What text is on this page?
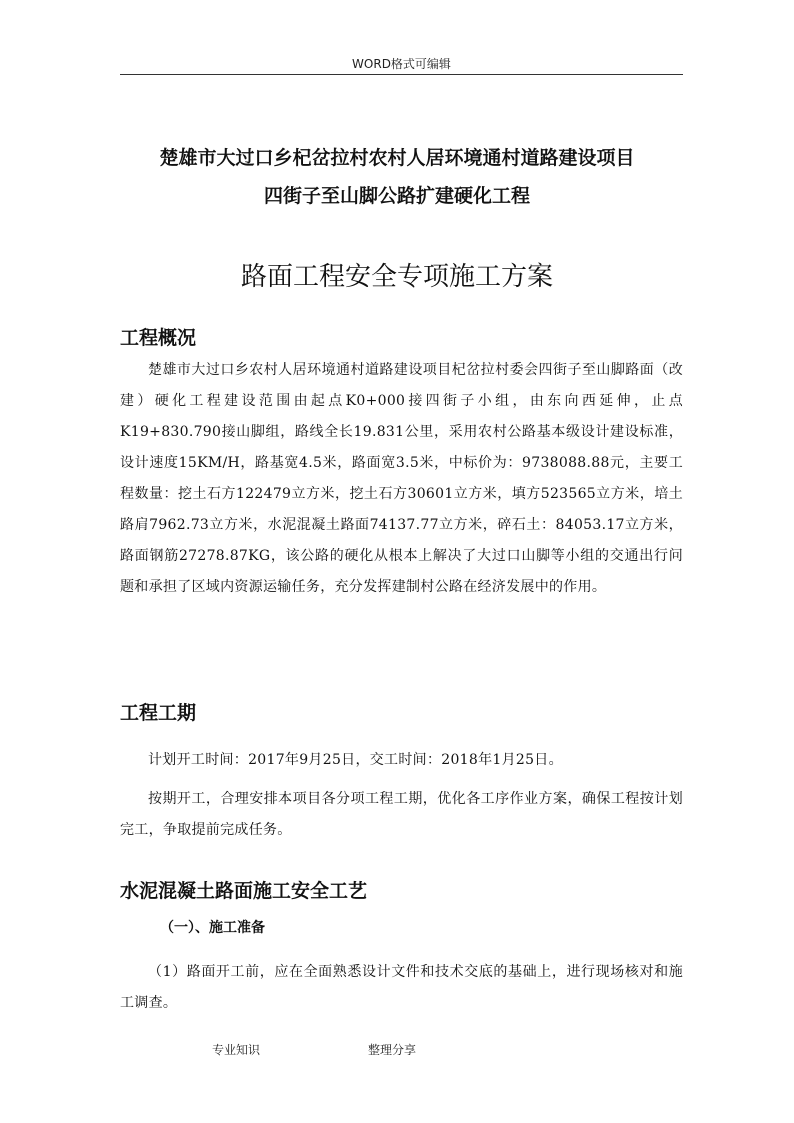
WORD格式可编辑
楚雄市大过口乡杞岔拉村农村人居环境通村道路建设项目
四街子至山脚公路扩建硬化工程
路面工程安全专项施工方案
工程概况
楚雄市大过口乡农村人居环境通村道路建设项目杞岔拉村委会四街子至山脚路面（改建）硬化工程建设范围由起点K0+000接四街子小组，由东向西延伸，止点K19+830.790接山脚组，路线全长19.831公里，采用农村公路基本级设计建设标准，设计速度15KM/H，路基宽4.5米，路面宽3.5米，中标价为：9738088.88元，主要工程数量：挖土石方122479立方米，挖土石方30601立方米，填方523565立方米，培土路肩7962.73立方米，水泥混凝土路面74137.77立方米，碎石土：84053.17立方米，路面钢筋27278.87KG，该公路的硬化从根本上解决了大过口山脚等小组的交通出行问题和承担了区域内资源运输任务，充分发挥建制村公路在经济发展中的作用。
工程工期
计划开工时间：2017年9月25日，交工时间：2018年1月25日。
按期开工，合理安排本项目各分项工程工期，优化各工序作业方案，确保工程按计划完工，争取提前完成任务。
水泥混凝土路面施工安全工艺
（一）、施工准备
（1）路面开工前，应在全面熟悉设计文件和技术交底的基础上，进行现场核对和施工调查。
专业知识	整理分享
